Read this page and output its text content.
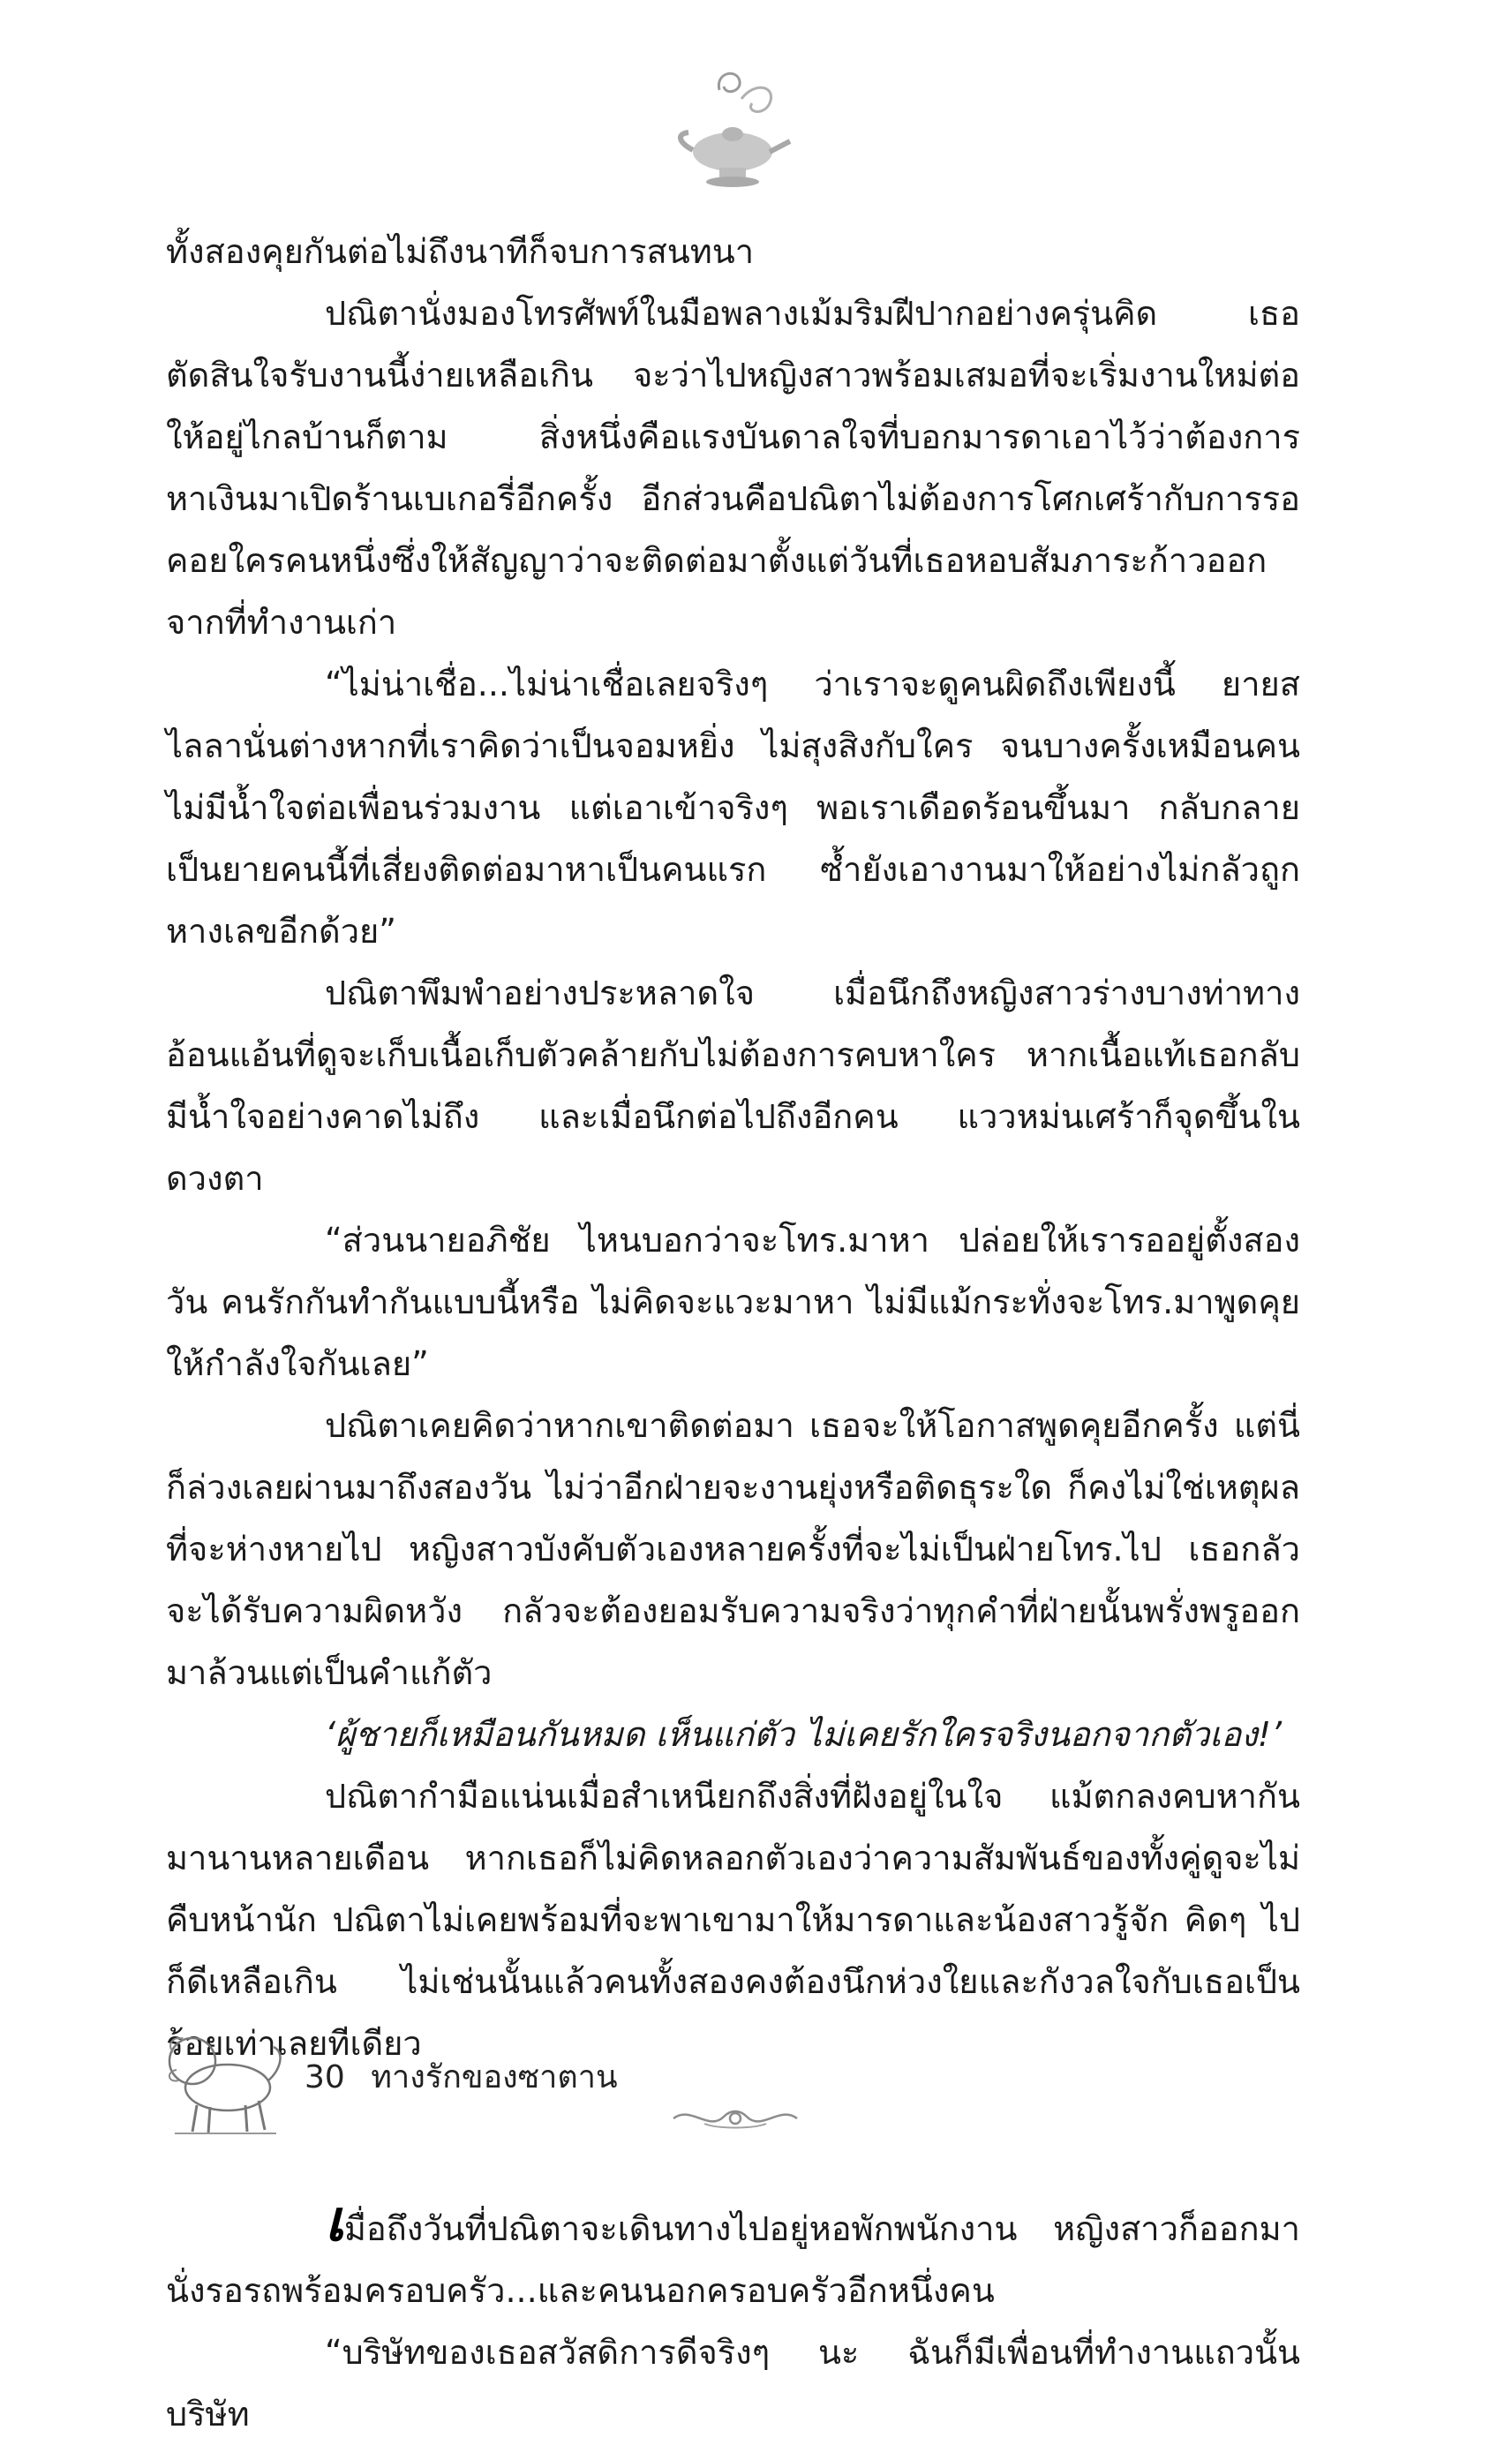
ทั้งสองคุยกันต่อไม่ถึงนาทีก็จบการสนทนา

ปณิตานั่งมองโทรศัพท์ในมือพลางเม้มริมฝีปากอย่างครุ่นคิด เธอตัดสินใจรับงานนี้ง่ายเหลือเกิน จะว่าไปหญิงสาวพร้อมเสมอที่จะเริ่มงานใหม่ต่อให้อยู่ไกลบ้านก็ตาม สิ่งหนึ่งคือแรงบันดาลใจที่บอกมารดาเอาไว้ว่าต้องการหาเงินมาเปิดร้านเบเกอรี่อีกครั้ง อีกส่วนคือปณิตาไม่ต้องการโศกเศร้ากับการรอคอยใครคนหนึ่งซึ่งให้สัญญาว่าจะติดต่อมาตั้งแต่วันที่เธอหอบสัมภาระก้าวออกจากที่ทำงานเก่า

“ไม่น่าเชื่อ...ไม่น่าเชื่อเลยจริงๆ ว่าเราจะดูคนผิดถึงเพียงนี้ ยายสไลลานั่นต่างหากที่เราคิดว่าเป็นจอมหยิ่ง ไม่สุงสิงกับใคร จนบางครั้งเหมือนคนไม่มีน้ำใจต่อเพื่อนร่วมงาน แต่เอาเข้าจริงๆ พอเราเดือดร้อนขึ้นมา กลับกลายเป็นยายคนนี้ที่เสี่ยงติดต่อมาหาเป็นคนแรก ซ้ำยังเอางานมาให้อย่างไม่กลัวถูกหางเลขอีกด้วย”

ปณิตาพึมพำอย่างประหลาดใจ เมื่อนึกถึงหญิงสาวร่างบางท่าทางอ้อนแอ้นที่ดูจะเก็บเนื้อเก็บตัวคล้ายกับไม่ต้องการคบหาใคร หากเนื้อแท้เธอกลับมีน้ำใจอย่างคาดไม่ถึง และเมื่อนึกต่อไปถึงอีกคน แววหม่นเศร้าก็จุดขึ้นในดวงตา

“ส่วนนายอภิชัย ไหนบอกว่าจะโทร.มาหา ปล่อยให้เรารออยู่ตั้งสองวัน คนรักกันทำกันแบบนี้หรือ ไม่คิดจะแวะมาหา ไม่มีแม้กระทั่งจะโทร.มาพูดคุยให้กำลังใจกันเลย”

ปณิตาเคยคิดว่าหากเขาติดต่อมา เธอจะให้โอกาสพูดคุยอีกครั้ง แต่นี่ก็ล่วงเลยผ่านมาถึงสองวัน ไม่ว่าอีกฝ่ายจะงานยุ่งหรือติดธุระใด ก็คงไม่ใช่เหตุผลที่จะห่างหายไป หญิงสาวบังคับตัวเองหลายครั้งที่จะไม่เป็นฝ่ายโทร.ไป เธอกลัวจะได้รับความผิดหวัง กลัวจะต้องยอมรับความจริงว่าทุกคำที่ฝ่ายนั้นพรั่งพรูออกมาล้วนแต่เป็นคำแก้ตัว

‘ผู้ชายก็เหมือนกันหมด เห็นแก่ตัว ไม่เคยรักใครจริงนอกจากตัวเอง!’

ปณิตากำมือแน่นเมื่อสำเหนียกถึงสิ่งที่ฝังอยู่ในใจ แม้ตกลงคบหากันมานานหลายเดือน หากเธอก็ไม่คิดหลอกตัวเองว่าความสัมพันธ์ของทั้งคู่ดูจะไม่คืบหน้านัก ปณิตาไม่เคยพร้อมที่จะพาเขามาให้มารดาและน้องสาวรู้จัก คิดๆ ไปก็ดีเหลือเกิน ไม่เช่นนั้นแล้วคนทั้งสองคงต้องนึกห่วงใยและกังวลใจกับเธอเป็นร้อยเท่าเลยทีเดียว

เมื่อถึงวันที่ปณิตาจะเดินทางไปอยู่หอพักพนักงาน หญิงสาวก็ออกมานั่งรอรถพร้อมครอบครัว...และคนนอกครอบครัวอีกหนึ่งคน

“บริษัทของเธอสวัสดิการดีจริงๆ นะ ฉันก็มีเพื่อนที่ทำงานแถวนั้น บริษัท

30 ทางรักของซาตาน
